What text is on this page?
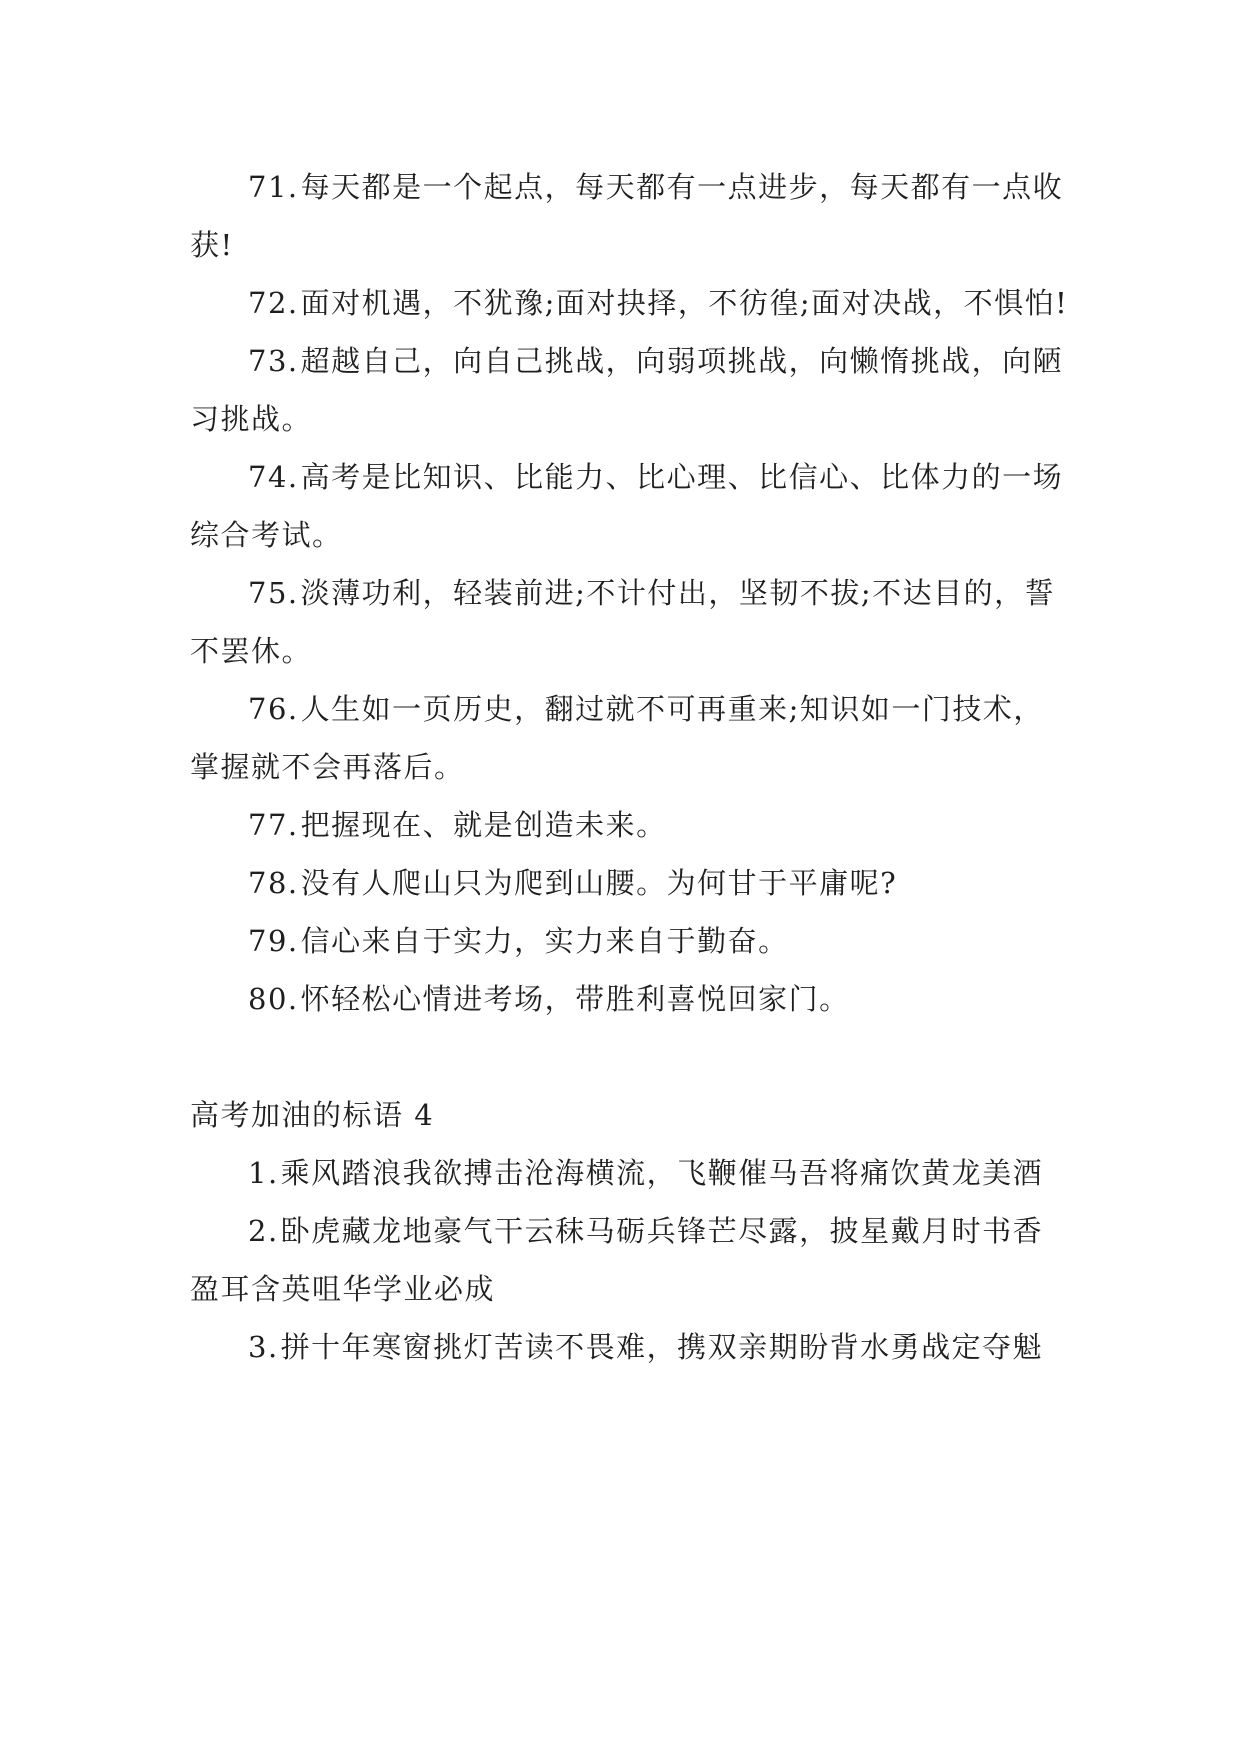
71.每天都是一个起点，每天都有一点进步，每天都有一点收获!

72.面对机遇，不犹豫;面对抉择，不彷徨;面对决战，不惧怕!

73.超越自己，向自己挑战，向弱项挑战，向懒惰挑战，向陋习挑战。

74.高考是比知识、比能力、比心理、比信心、比体力的一场综合考试。

75.淡薄功利，轻装前进;不计付出，坚韧不拔;不达目的，誓不罢休。

76.人生如一页历史，翻过就不可再重来;知识如一门技术，掌握就不会再落后。

77.把握现在、就是创造未来。

78.没有人爬山只为爬到山腰。为何甘于平庸呢?

79.信心来自于实力，实力来自于勤奋。

80.怀轻松心情进考场，带胜利喜悦回家门。

高考加油的标语 4

1.乘风踏浪我欲搏击沧海横流，飞鞭催马吾将痛饮黄龙美酒

2.卧虎藏龙地豪气干云秣马砺兵锋芒尽露，披星戴月时书香盈耳含英咀华学业必成

3.拼十年寒窗挑灯苦读不畏难，携双亲期盼背水勇战定夺魁
